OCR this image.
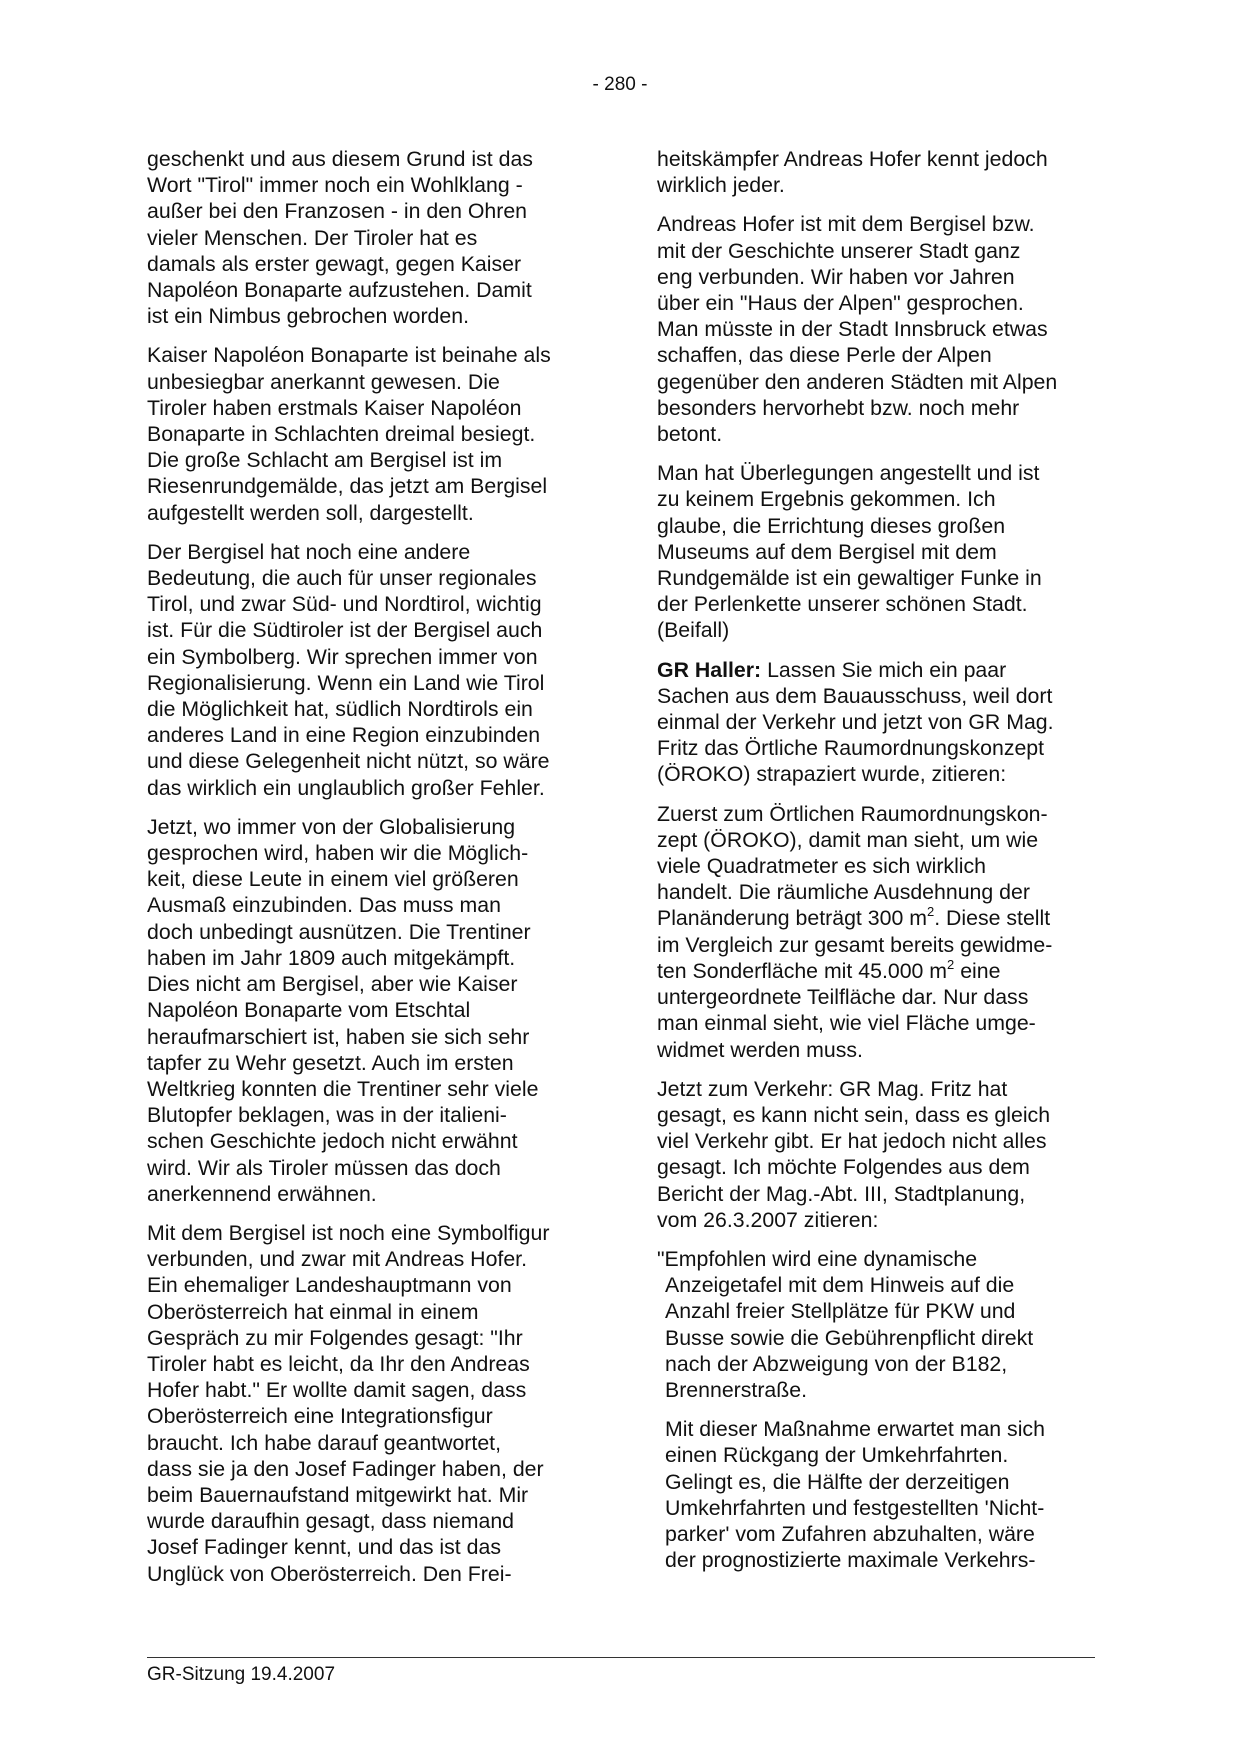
- 280 -

geschenkt und aus diesem Grund ist das
Wort "Tirol" immer noch ein Wohlklang -
außer bei den Franzosen - in den Ohren
vieler Menschen. Der Tiroler hat es
damals als erster gewagt, gegen Kaiser
Napoléon Bonaparte aufzustehen. Damit
ist ein Nimbus gebrochen worden.

Kaiser Napoléon Bonaparte ist beinahe als
unbesiegbar anerkannt gewesen. Die
Tiroler haben erstmals Kaiser Napoléon
Bonaparte in Schlachten dreimal besiegt.
Die große Schlacht am Bergisel ist im
Riesenrundgemälde, das jetzt am Bergisel
aufgestellt werden soll, dargestellt.

Der Bergisel hat noch eine andere
Bedeutung, die auch für unser regionales
Tirol, und zwar Süd- und Nordtirol, wichtig
ist. Für die Südtiroler ist der Bergisel auch
ein Symbolberg. Wir sprechen immer von
Regionalisierung. Wenn ein Land wie Tirol
die Möglichkeit hat, südlich Nordtirols ein
anderes Land in eine Region einzubinden
und diese Gelegenheit nicht nützt, so wäre
das wirklich ein unglaublich großer Fehler.

Jetzt, wo immer von der Globalisierung
gesprochen wird, haben wir die Möglich-
keit, diese Leute in einem viel größeren
Ausmaß einzubinden. Das muss man
doch unbedingt ausnützen. Die Trentiner
haben im Jahr 1809 auch mitgekämpft.
Dies nicht am Bergisel, aber wie Kaiser
Napoléon Bonaparte vom Etschtal
heraufmarschiert ist, haben sie sich sehr
tapfer zu Wehr gesetzt. Auch im ersten
Weltkrieg konnten die Trentiner sehr viele
Blutopfer beklagen, was in der italieni-
schen Geschichte jedoch nicht erwähnt
wird. Wir als Tiroler müssen das doch
anerkennend erwähnen.

Mit dem Bergisel ist noch eine Symbolfigur
verbunden, und zwar mit Andreas Hofer.
Ein ehemaliger Landeshauptmann von
Oberösterreich hat einmal in einem
Gespräch zu mir Folgendes gesagt: "Ihr
Tiroler habt es leicht, da Ihr den Andreas
Hofer habt." Er wollte damit sagen, dass
Oberösterreich eine Integrationsfigur
braucht. Ich habe darauf geantwortet,
dass sie ja den Josef Fadinger haben, der
beim Bauernaufstand mitgewirkt hat. Mir
wurde daraufhin gesagt, dass niemand
Josef Fadinger kennt, und das ist das
Unglück von Oberösterreich. Den Frei-

heitskämpfer Andreas Hofer kennt jedoch
wirklich jeder.

Andreas Hofer ist mit dem Bergisel bzw.
mit der Geschichte unserer Stadt ganz
eng verbunden. Wir haben vor Jahren
über ein "Haus der Alpen" gesprochen.
Man müsste in der Stadt Innsbruck etwas
schaffen, das diese Perle der Alpen
gegenüber den anderen Städten mit Alpen
besonders hervorhebt bzw. noch mehr
betont.

Man hat Überlegungen angestellt und ist
zu keinem Ergebnis gekommen. Ich
glaube, die Errichtung dieses großen
Museums auf dem Bergisel mit dem
Rundgemälde ist ein gewaltiger Funke in
der Perlenkette unserer schönen Stadt.
(Beifall)

GR Haller: Lassen Sie mich ein paar
Sachen aus dem Bauausschuss, weil dort
einmal der Verkehr und jetzt von GR Mag.
Fritz das Örtliche Raumordnungskonzept
(ÖROKO) strapaziert wurde, zitieren:

Zuerst zum Örtlichen Raumordnungskon-
zept (ÖROKO), damit man sieht, um wie
viele Quadratmeter es sich wirklich
handelt. Die räumliche Ausdehnung der
Planänderung beträgt 300 $m^2$. Diese stellt
im Vergleich zur gesamt bereits gewidme-
ten Sonderfläche mit 45.000 $m^2$ eine
untergeordnete Teilfläche dar. Nur dass
man einmal sieht, wie viel Fläche umge-
widmet werden muss.

Jetzt zum Verkehr: GR Mag. Fritz hat
gesagt, es kann nicht sein, dass es gleich
viel Verkehr gibt. Er hat jedoch nicht alles
gesagt. Ich möchte Folgendes aus dem
Bericht der Mag.-Abt. III, Stadtplanung,
vom 26.3.2007 zitieren:

"Empfohlen wird eine dynamische
Anzeigetafel mit dem Hinweis auf die
Anzahl freier Stellplätze für PKW und
Busse sowie die Gebührenpflicht direkt
nach der Abzweigung von der B182,
Brennerstraße.

Mit dieser Maßnahme erwartet man sich
einen Rückgang der Umkehrfahrten.
Gelingt es, die Hälfte der derzeitigen
Umkehrfahrten und festgestellten 'Nicht-
parker' vom Zufahren abzuhalten, wäre
der prognostizierte maximale Verkehrs-

GR-Sitzung 19.4.2007
